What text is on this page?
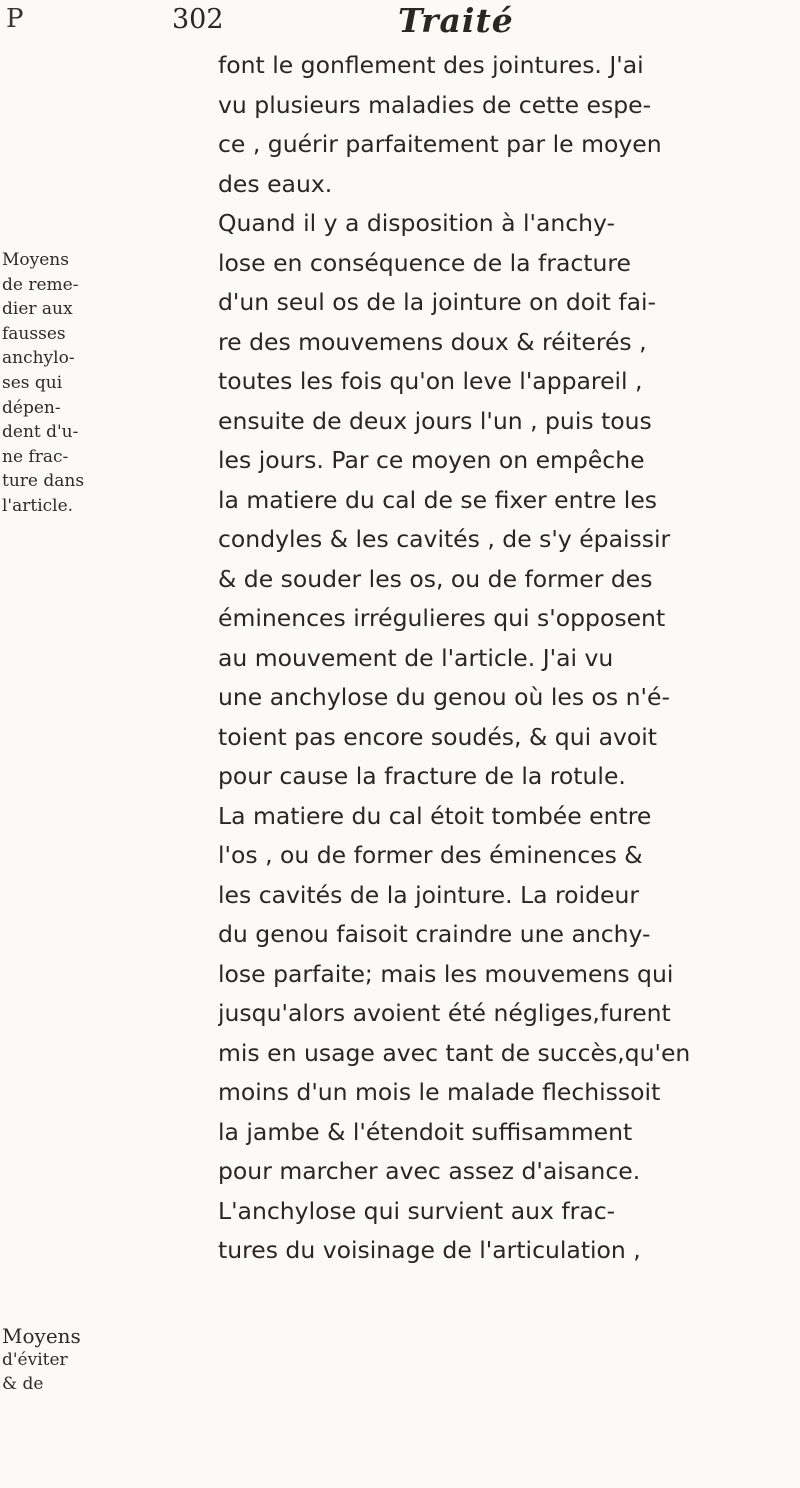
P	302	Traité
Moyens
de reme-
dier aux
fausses
anchylo-
ses qui
dépen-
dent d'u-
ne frac-
ture dans
l'article.
Moyens
d'éviter
& de
font le gonflement des jointures. J'ai
vu plusieurs maladies de cette espe-
ce , guérir parfaitement par le moyen
des eaux.
Quand il y a disposition à l'anchy-
lose en conséquence de la fracture
d'un seul os de la jointure on doit fai-
re des mouvemens doux & réiterés ,
toutes les fois qu'on leve l'appareil ,
ensuite de deux jours l'un , puis tous
les jours. Par ce moyen on empêche
la matiere du cal de se fixer entre les
condyles & les cavités , de s'y épaissir
& de souder les os, ou de former des
éminences irrégulieres qui s'opposent
au mouvement de l'article. J'ai vu
une anchylose du genou où les os n'é-
toient pas encore soudés, & qui avoit
pour cause la fracture de la rotule.
La matiere du cal étoit tombée entre
l'os , ou de former des éminences &
les cavités de la jointure. La roideur
du genou faisoit craindre une anchy-
lose parfaite; mais les mouvemens qui
jusqu'alors avoient été négliges,furent
mis en usage avec tant de succès,qu'en
moins d'un mois le malade flechissoit
la jambe & l'étendoit suffisamment
pour marcher avec assez d'aisance.
L'anchylose qui survient aux frac-
tures du voisinage de l'articulation ,
